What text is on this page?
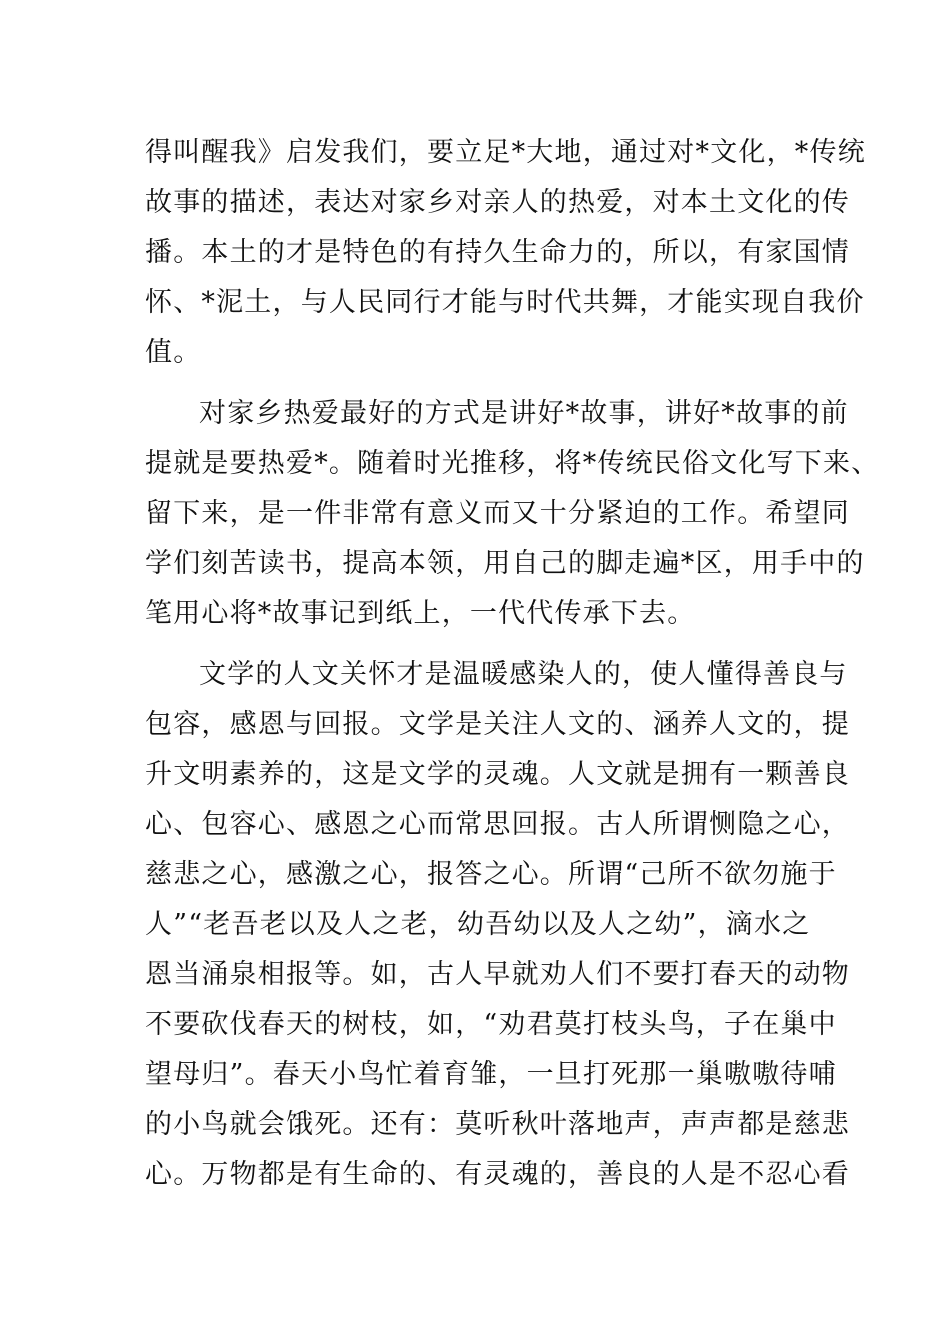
得叫醒我》启发我们，要立足*大地，通过对*文化，*传统
故事的描述，表达对家乡对亲人的热爱，对本土文化的传
播。本土的才是特色的有持久生命力的，所以，有家国情
怀、*泥土，与人民同行才能与时代共舞，才能实现自我价
值。
对家乡热爱最好的方式是讲好*故事，讲好*故事的前
提就是要热爱*。随着时光推移，将*传统民俗文化写下来、
留下来，是一件非常有意义而又十分紧迫的工作。希望同
学们刻苦读书，提高本领，用自己的脚走遍*区，用手中的
笔用心将*故事记到纸上，一代代传承下去。
文学的人文关怀才是温暖感染人的，使人懂得善良与
包容，感恩与回报。文学是关注人文的、涵养人文的，提
升文明素养的，这是文学的灵魂。人文就是拥有一颗善良
心、包容心、感恩之心而常思回报。古人所谓恻隐之心，
慈悲之心，感激之心，报答之心。所谓“己所不欲勿施于
人”“老吾老以及人之老，幼吾幼以及人之幼”，滴水之
恩当涌泉相报等。如，古人早就劝人们不要打春天的动物
不要砍伐春天的树枝，如，“劝君莫打枝头鸟，子在巢中
望母归”。春天小鸟忙着育雏，一旦打死那一巢嗷嗷待哺
的小鸟就会饿死。还有：莫听秋叶落地声，声声都是慈悲
心。万物都是有生命的、有灵魂的，善良的人是不忍心看
